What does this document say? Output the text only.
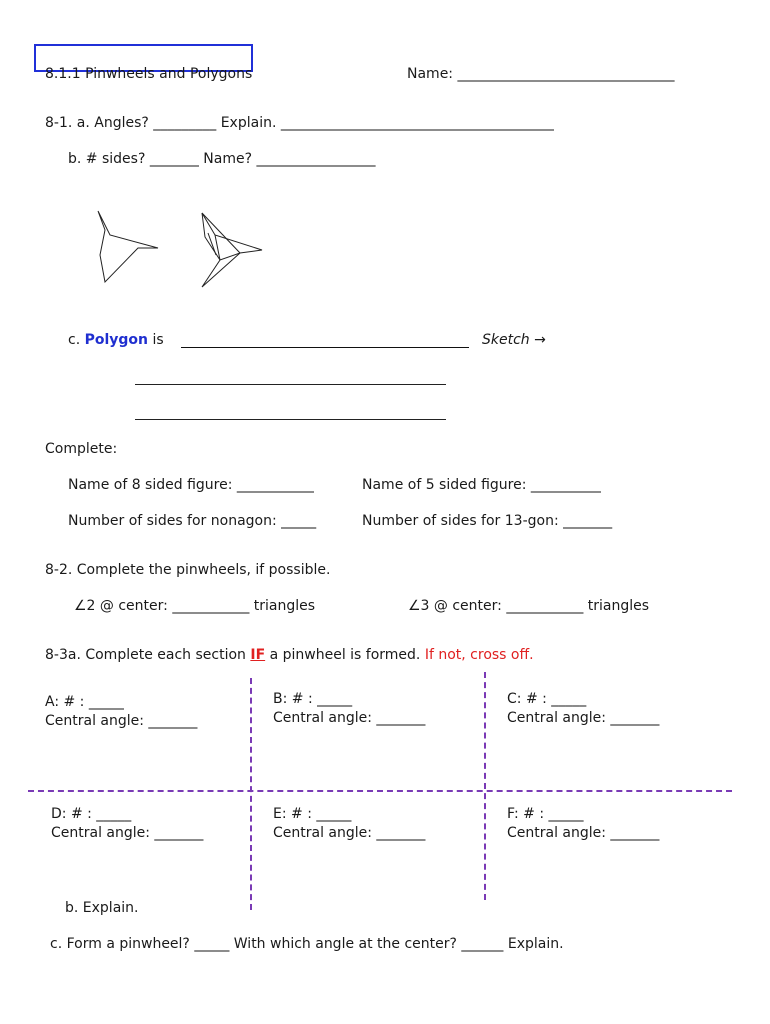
8.1.1 Pinwheels and Polygons	Name: _______________________________
8-1. a. Angles? _________ Explain. _______________________________________
b. # sides? _______ Name? _________________
c. Polygon is	Sketch →
Complete:
Name of 8 sided figure: ___________	Name of 5 sided figure: __________
Number of sides for nonagon: _____	Number of sides for 13-gon: _______
8-2. Complete the pinwheels, if possible.
∠2 @ center: ___________ triangles	∠3 @ center: ___________ triangles
8-3a. Complete each section IF a pinwheel is formed. If not, cross off.
A: # : _____
Central angle: _______
B: # : _____
Central angle: _______
C: # : _____
Central angle: _______
D: # : _____
Central angle: _______
E: # : _____
Central angle: _______
F: # : _____
Central angle: _______
b. Explain.
c. Form a pinwheel? _____ With which angle at the center? ______ Explain.
